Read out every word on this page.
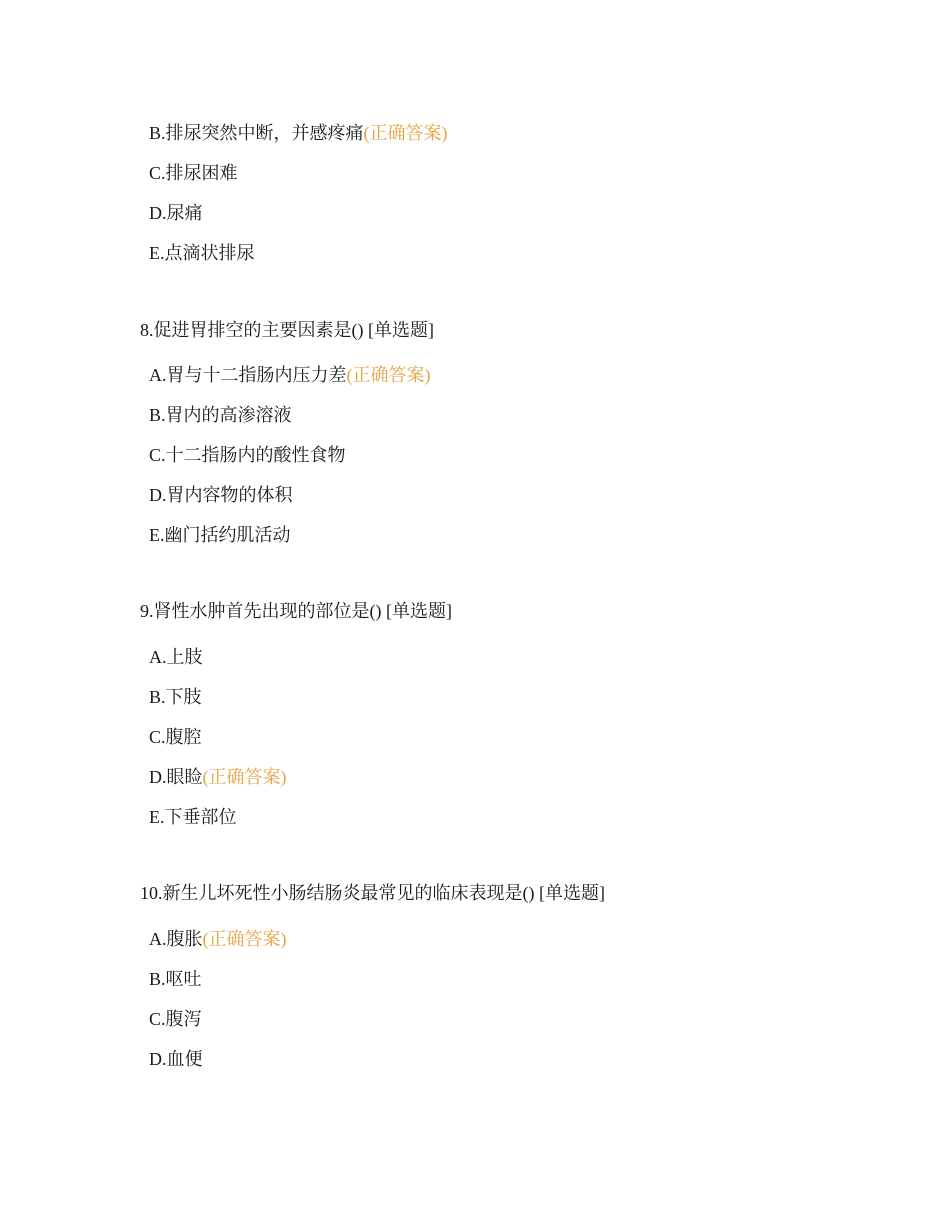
B.排尿突然中断，并感疼痛(正确答案)
C.排尿困难
D.尿痛
E.点滴状排尿
8.促进胃排空的主要因素是() [单选题]
A.胃与十二指肠内压力差(正确答案)
B.胃内的高渗溶液
C.十二指肠内的酸性食物
D.胃内容物的体积
E.幽门括约肌活动
9.肾性水肿首先出现的部位是() [单选题]
A.上肢
B.下肢
C.腹腔
D.眼睑(正确答案)
E.下垂部位
10.新生儿坏死性小肠结肠炎最常见的临床表现是() [单选题]
A.腹胀(正确答案)
B.呕吐
C.腹泻
D.血便
